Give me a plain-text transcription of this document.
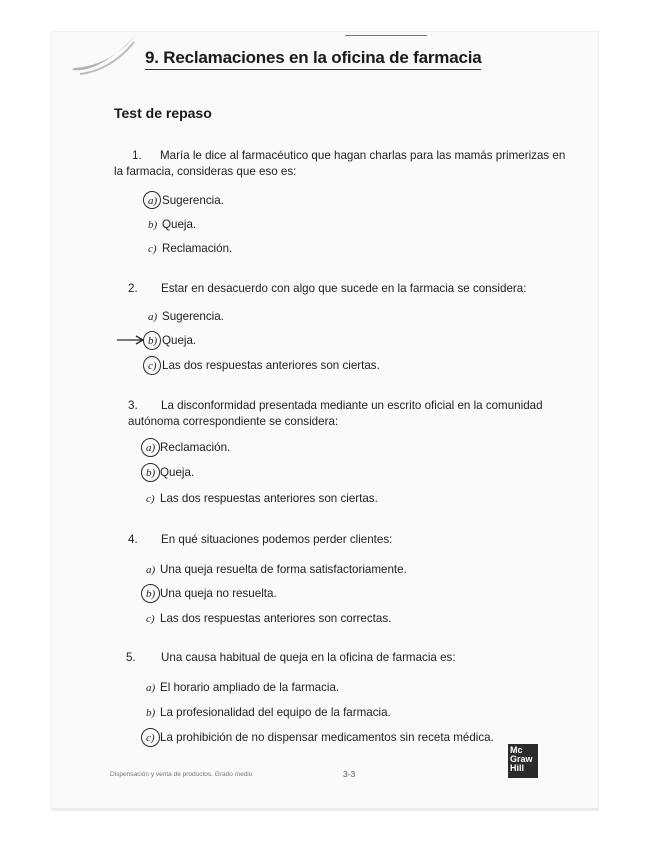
9. Reclamaciones en la oficina de farmacia
Test de repaso
1. María le dice al farmacéutico que hagan charlas para las mamás primerizas en la farmacia, consideras que eso es:
a) Sugerencia.
b) Queja.
c) Reclamación.
2. Estar en desacuerdo con algo que sucede en la farmacia se considera:
a) Sugerencia.
b) Queja.
c) Las dos respuestas anteriores son ciertas.
3. La disconformidad presentada mediante un escrito oficial en la comunidad autónoma correspondiente se considera:
a) Reclamación.
b) Queja.
c) Las dos respuestas anteriores son ciertas.
4. En qué situaciones podemos perder clientes:
a) Una queja resuelta de forma satisfactoriamente.
b) Una queja no resuelta.
c) Las dos respuestas anteriores son correctas.
5. Una causa habitual de queja en la oficina de farmacia es:
a) El horario ampliado de la farmacia.
b) La profesionalidad del equipo de la farmacia.
c) La prohibición de no dispensar medicamentos sin receta médica.
Dispensación y venta de productos. Grado medio	3-3
Mc
Graw
Hill
